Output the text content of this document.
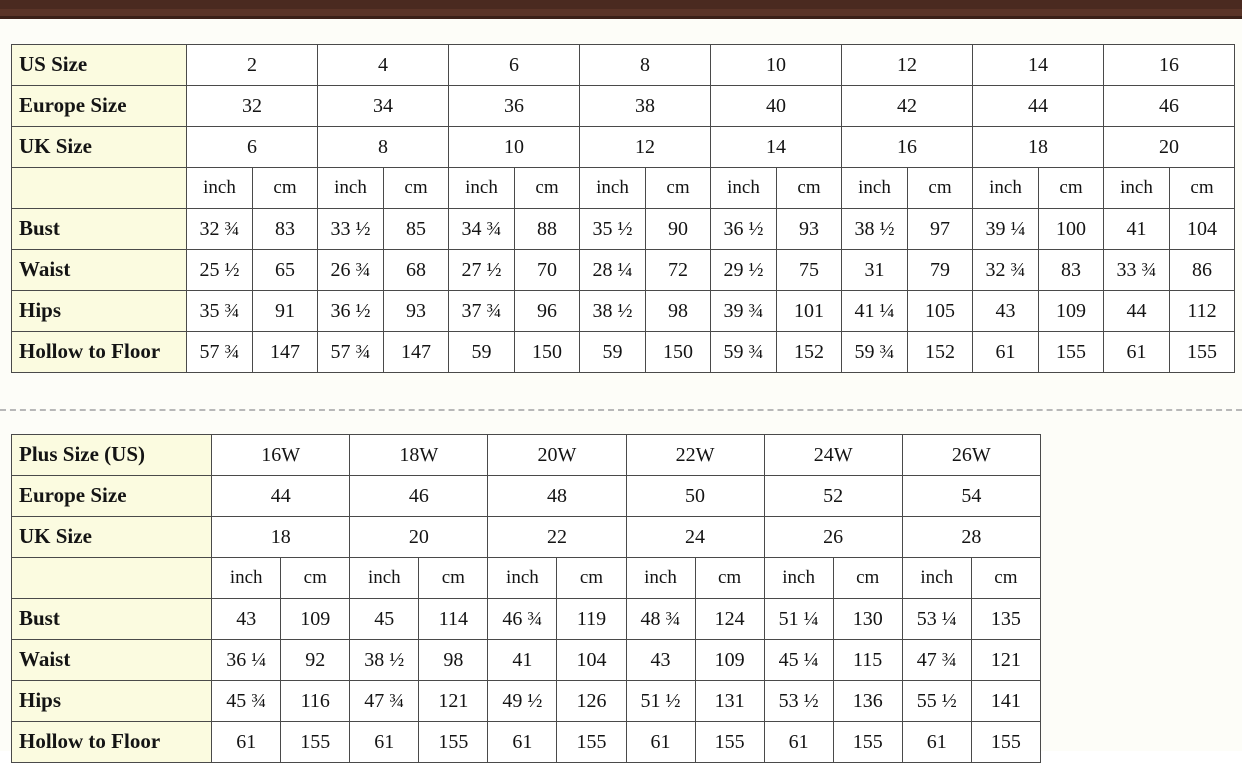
US Size	2		4		6		8		10		12		14		16	
Europe Size	32		34		36		38		40		42		44		46	
UK Size	6		8		10		12		14		16		18		20	
	inch	cm	inch	cm	inch	cm	inch	cm	inch	cm	inch	cm	inch	cm	inch	cm
Bust	32 ¾	83	33 ½	85	34 ¾	88	35 ½	90	36 ½	93	38 ½	97	39 ¼	100	41	104
Waist	25 ½	65	26 ¾	68	27 ½	70	28 ¼	72	29 ½	75	31	79	32 ¾	83	33 ¾	86
Hips	35 ¾	91	36 ½	93	37 ¾	96	38 ½	98	39 ¾	101	41 ¼	105	43	109	44	112
Hollow to Floor	57 ¾	147	57 ¾	147	59	150	59	150	59 ¾	152	59 ¾	152	61	155	61	155
Plus Size (US)	16W		18W		20W		22W		24W		26W	
Europe Size	44		46		48		50		52		54	
UK Size	18		20		22		24		26		28	
	inch	cm	inch	cm	inch	cm	inch	cm	inch	cm	inch	cm
Bust	43	109	45	114	46 ¾	119	48 ¾	124	51 ¼	130	53 ¼	135
Waist	36 ¼	92	38 ½	98	41	104	43	109	45 ¼	115	47 ¾	121
Hips	45 ¾	116	47 ¾	121	49 ½	126	51 ½	131	53 ½	136	55 ½	141
Hollow to Floor	61	155	61	155	61	155	61	155	61	155	61	155
